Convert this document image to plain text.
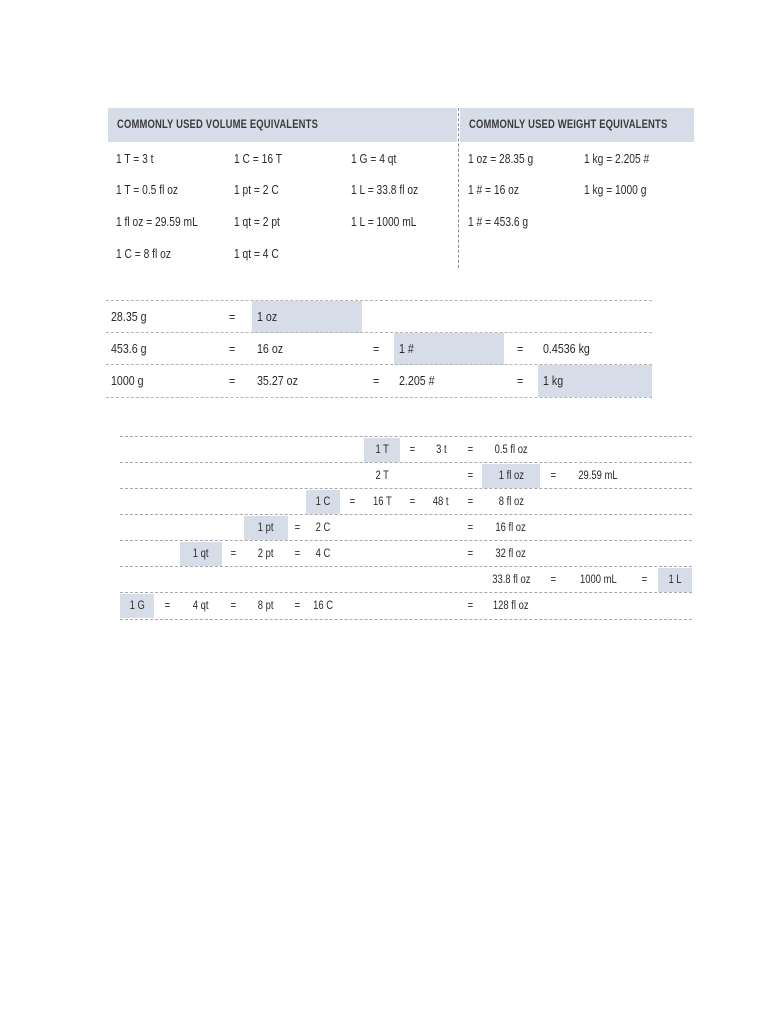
COMMONLY USED VOLUME EQUIVALENTS	COMMONLY USED WEIGHT EQUIVALENTS
1 T = 3 t	1 C = 16 T	1 G = 4 qt
1 T = 0.5 fl oz	1 pt = 2 C	1 L = 33.8 fl oz
1 fl oz = 29.59 mL	1 qt = 2 pt	1 L = 1000 mL
1 C = 8 fl oz	1 qt = 4 C
1 oz = 28.35 g	1 kg = 2.205 #
1 # = 16 oz	1 kg = 1000 g
1 # = 453.6 g
28.35 g	=	1 oz
453.6 g	=	16 oz	=	1 #	=	0.4536 kg
1000 g	=	35.27 oz	=	2.205 #	=	1 kg
1 T	=	3 t	=	0.5 fl oz
2 T	=	1 fl oz	=	29.59 mL
1 C	=	16 T	=	48 t	=	8 fl oz
1 pt	=	2 C	=	16 fl oz
1 qt	=	2 pt	=	4 C	=	32 fl oz
33.8 fl oz	=	1000 mL	=	1 L
1 G	=	4 qt	=	8 pt	=	16 C	=	128 fl oz
